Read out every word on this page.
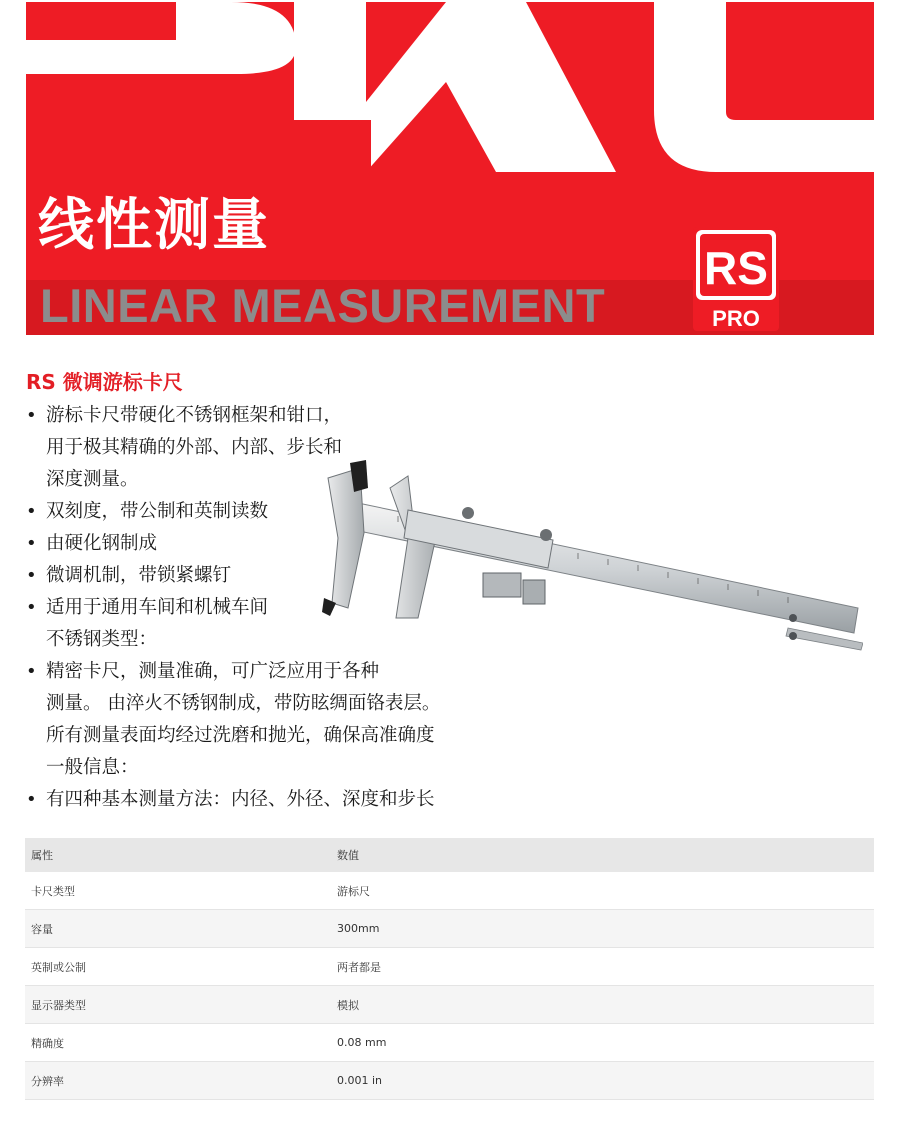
线性测量
LINEAR MEASUREMENT
RS
PRO
RS 微调游标卡尺
• 游标卡尺带硬化不锈钢框架和钳口，
用于极其精确的外部、内部、步长和
深度测量。
• 双刻度，带公制和英制读数
• 由硬化钢制成
• 微调机制，带锁紧螺钉
• 适用于通用车间和机械车间
不锈钢类型：
• 精密卡尺，测量准确，可广泛应用于各种
测量。 由淬火不锈钢制成，带防眩绸面铬表层。
所有测量表面均经过洗磨和抛光，确保高准确度
一般信息：
• 有四种基本测量方法：内径、外径、深度和步长
属性	数值
卡尺类型	游标尺
容量	300mm
英制或公制	两者都是
显示器类型	模拟
精确度	0.08 mm
分辨率	0.001 in
